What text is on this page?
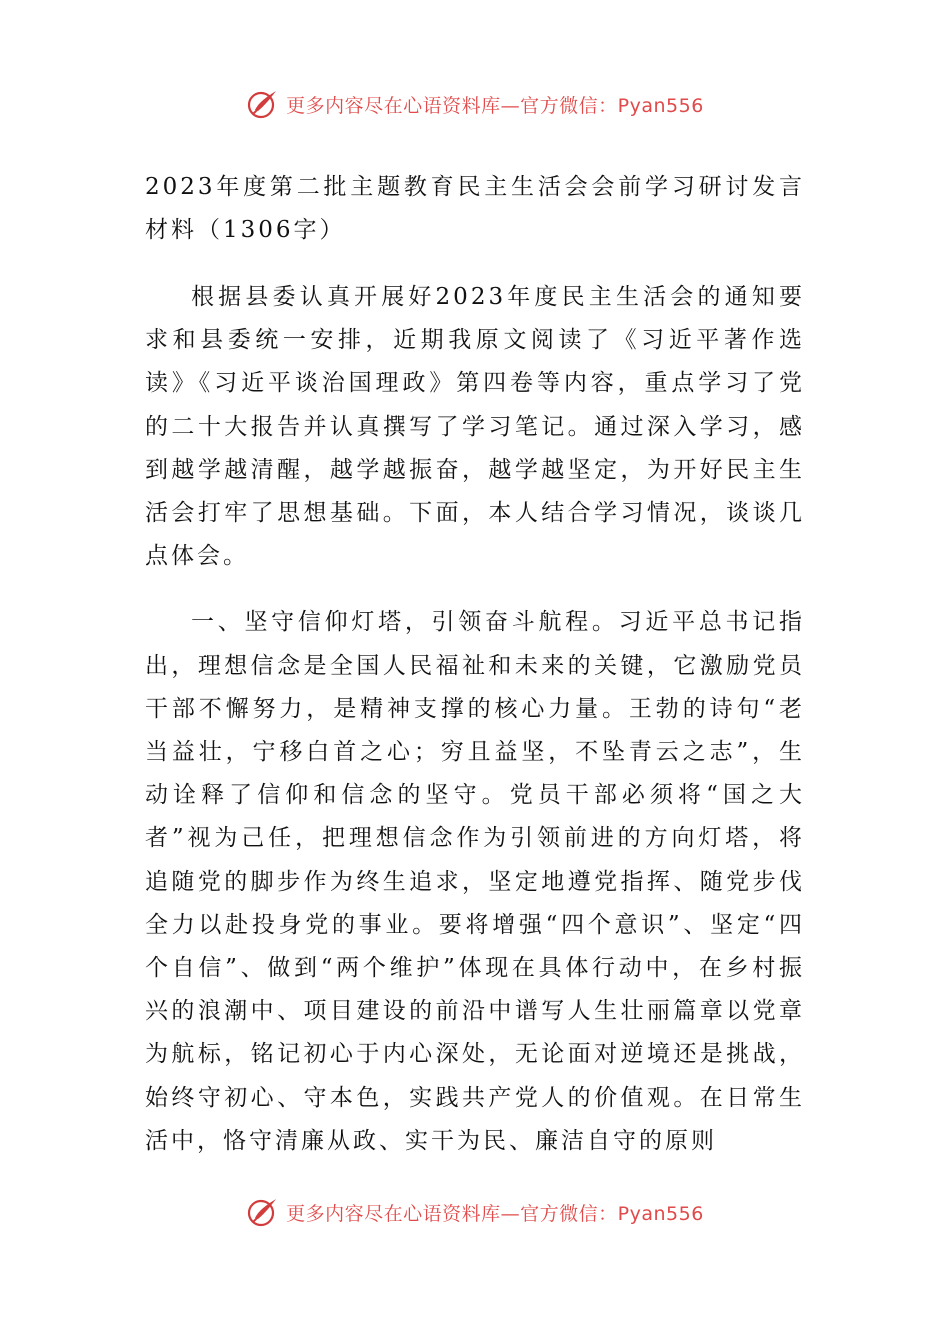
更多内容尽在心语资料库—官方微信：Pyan556
2023年度第二批主题教育民主生活会会前学习研讨发言材料（1306字）

根据县委认真开展好2023年度民主生活会的通知要求和县委统一安排，近期我原文阅读了《习近平著作选读》《习近平谈治国理政》第四卷等内容，重点学习了党的二十大报告并认真撰写了学习笔记。通过深入学习，感到越学越清醒，越学越振奋，越学越坚定，为开好民主生活会打牢了思想基础。下面，本人结合学习情况，谈谈几点体会。

一、坚守信仰灯塔，引领奋斗航程。习近平总书记指出，理想信念是全国人民福祉和未来的关键，它激励党员干部不懈努力，是精神支撑的核心力量。王勃的诗句“老当益壮，宁移白首之心；穷且益坚，不坠青云之志”，生动诠释了信仰和信念的坚守。党员干部必须将“国之大者”视为己任，把理想信念作为引领前进的方向灯塔，将追随党的脚步作为终生追求，坚定地遵党指挥、随党步伐全力以赴投身党的事业。要将增强“四个意识”、坚定“四个自信”、做到“两个维护”体现在具体行动中，在乡村振兴的浪潮中、项目建设的前沿中谱写人生壮丽篇章以党章为航标，铭记初心于内心深处，无论面对逆境还是挑战，始终守初心、守本色，实践共产党人的价值观。在日常生活中，恪守清廉从政、实干为民、廉洁自守的原则

更多内容尽在心语资料库—官方微信：Pyan556
